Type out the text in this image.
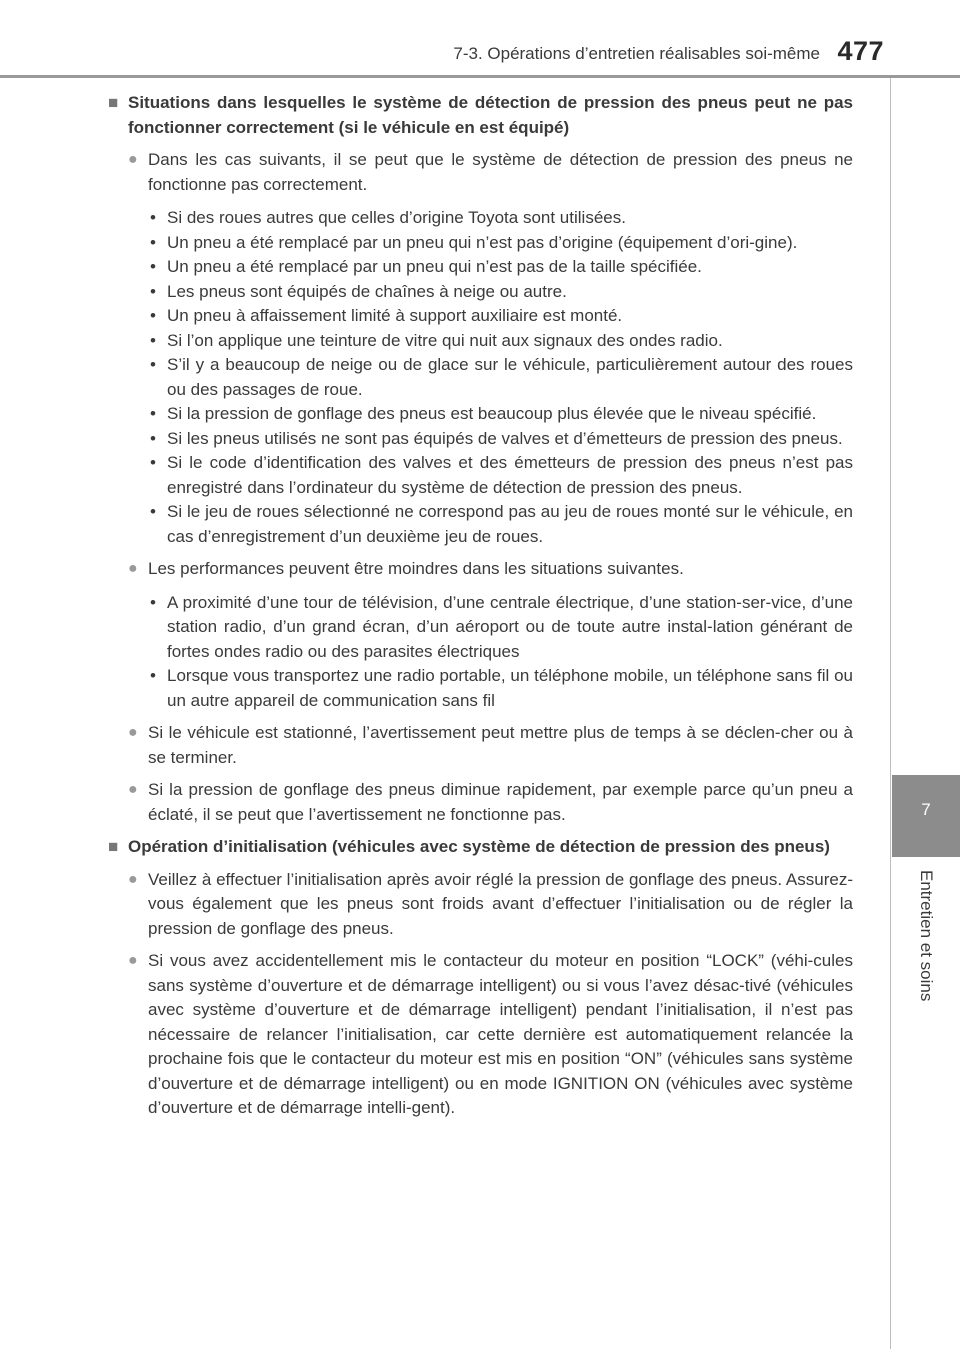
7-3. Opérations d’entretien réalisables soi-même 477
7
Entretien et soins
■ Situations dans lesquelles le système de détection de pression des pneus peut ne pas fonctionner correctement (si le véhicule en est équipé)
● Dans les cas suivants, il se peut que le système de détection de pression des pneus ne fonctionne pas correctement.

• Si des roues autres que celles d’origine Toyota sont utilisées.
• Un pneu a été remplacé par un pneu qui n’est pas d’origine (équipement d’ori-gine).
• Un pneu a été remplacé par un pneu qui n’est pas de la taille spécifiée.
• Les pneus sont équipés de chaînes à neige ou autre.
• Un pneu à affaissement limité à support auxiliaire est monté.
• Si l’on applique une teinture de vitre qui nuit aux signaux des ondes radio.
• S’il y a beaucoup de neige ou de glace sur le véhicule, particulièrement autour des roues ou des passages de roue.
• Si la pression de gonflage des pneus est beaucoup plus élevée que le niveau spécifié.
• Si les pneus utilisés ne sont pas équipés de valves et d’émetteurs de pression des pneus.
• Si le code d’identification des valves et des émetteurs de pression des pneus n’est pas enregistré dans l’ordinateur du système de détection de pression des pneus.
• Si le jeu de roues sélectionné ne correspond pas au jeu de roues monté sur le véhicule, en cas d’enregistrement d’un deuxième jeu de roues.
● Les performances peuvent être moindres dans les situations suivantes.

• A proximité d’une tour de télévision, d’une centrale électrique, d’une station-ser-vice, d’une station radio, d’un grand écran, d’un aéroport ou de toute autre instal-lation générant de fortes ondes radio ou des parasites électriques
• Lorsque vous transportez une radio portable, un téléphone mobile, un téléphone sans fil ou un autre appareil de communication sans fil
● Si le véhicule est stationné, l’avertissement peut mettre plus de temps à se déclen-cher ou à se terminer.

● Si la pression de gonflage des pneus diminue rapidement, par exemple parce qu’un pneu a éclaté, il se peut que l’avertissement ne fonctionne pas.

■ Opération d’initialisation (véhicules avec système de détection de pression des pneus)
● Veillez à effectuer l’initialisation après avoir réglé la pression de gonflage des pneus. Assurez-vous également que les pneus sont froids avant d’effectuer l’initialisation ou de régler la pression de gonflage des pneus.

● Si vous avez accidentellement mis le contacteur du moteur en position “LOCK” (véhi-cules sans système d’ouverture et de démarrage intelligent) ou si vous l’avez désac-tivé (véhicules avec système d’ouverture et de démarrage intelligent) pendant l’initialisation, il n’est pas nécessaire de relancer l’initialisation, car cette dernière est automatiquement relancée la prochaine fois que le contacteur du moteur est mis en position “ON” (véhicules sans système d’ouverture et de démarrage intelligent) ou en mode IGNITION ON (véhicules avec système d’ouverture et de démarrage intelli-gent).
